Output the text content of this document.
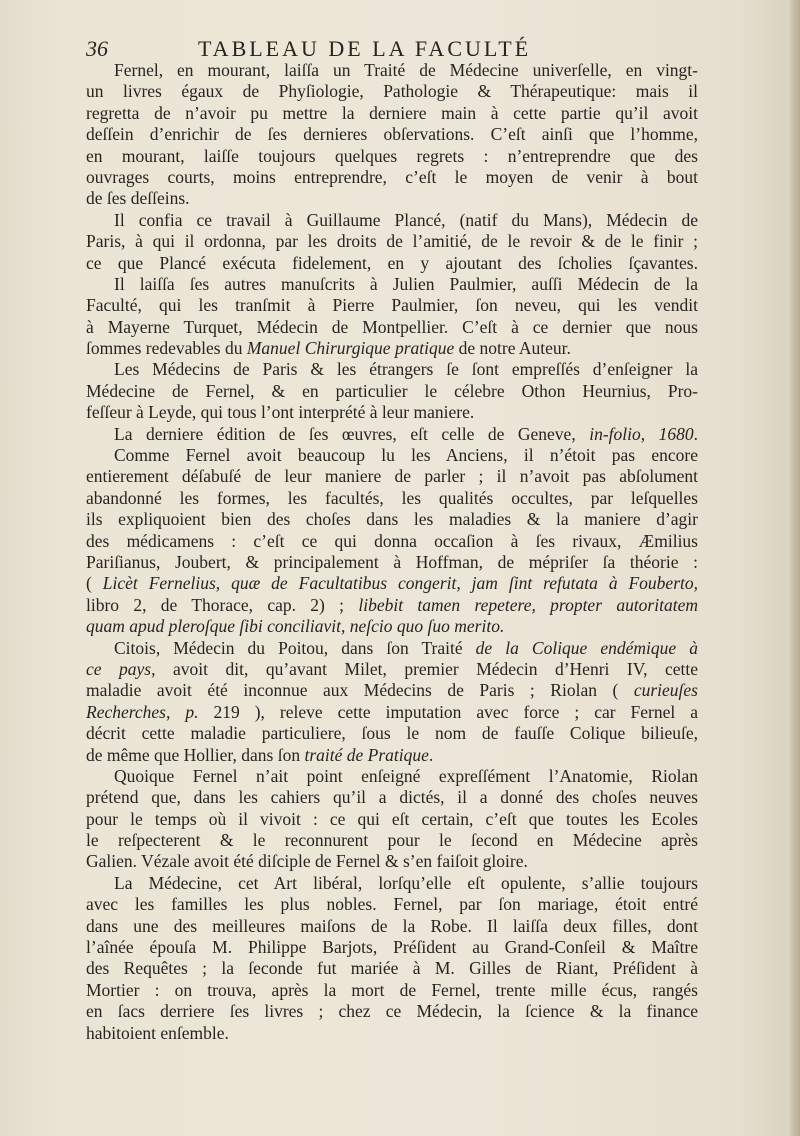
36	TABLEAU DE LA FACULTÉ
Fernel, en mourant, laiſſa un Traité de Médecine univerſelle, en vingt-
un livres égaux de Phyſiologie, Pathologie & Thérapeutique: mais il
regretta de n’avoir pu mettre la derniere main à cette partie qu’il avoit
deſſein d’enrichir de ſes dernieres obſervations. C’eſt ainſi que l’homme,
en mourant, laiſſe toujours quelques regrets : n’entreprendre que des
ouvrages courts, moins entreprendre, c’eſt le moyen de venir à bout
de ſes deſſeins.
Il confia ce travail à Guillaume Plancé, (natif du Mans), Médecin de
Paris, à qui il ordonna, par les droits de l’amitié, de le revoir & de le finir ;
ce que Plancé exécuta fidelement, en y ajoutant des ſcholies ſçavantes.
Il laiſſa ſes autres manuſcrits à Julien Paulmier, auſſi Médecin de la
Faculté, qui les tranſmit à Pierre Paulmier, ſon neveu, qui les vendit
à Mayerne Turquet, Médecin de Montpellier. C’eſt à ce dernier que nous
ſommes redevables du Manuel Chirurgique pratique de notre Auteur.
Les Médecins de Paris & les étrangers ſe ſont empreſſés d’enſeigner la
Médecine de Fernel, & en particulier le célebre Othon Heurnius, Pro-
feſſeur à Leyde, qui tous l’ont interprété à leur maniere.
La derniere édition de ſes œuvres, eſt celle de Geneve, in-folio, 1680.
Comme Fernel avoit beaucoup lu les Anciens, il n’étoit pas encore
entierement déſabuſé de leur maniere de parler ; il n’avoit pas abſolument
abandonné les formes, les facultés, les qualités occultes, par leſquelles
ils expliquoient bien des choſes dans les maladies & la maniere d’agir
des médicamens : c’eſt ce qui donna occaſion à ſes rivaux, Æmilius
Pariſianus, Joubert, & principalement à Hoffman, de mépriſer ſa théorie :
( Licèt Fernelius, quæ de Facultatibus congerit, jam ſint refutata à Fouberto,
libro 2, de Thorace, cap. 2) ; libebit tamen repetere, propter autoritatem
quam apud pleroſque ſibi conciliavit, neſcio quo ſuo merito.
Citois, Médecin du Poitou, dans ſon Traité de la Colique endémique à
ce pays, avoit dit, qu’avant Milet, premier Médecin d’Henri IV, cette
maladie avoit été inconnue aux Médecins de Paris ; Riolan ( curieuſes
Recherches, p. 219 ), releve cette imputation avec force ; car Fernel a
décrit cette maladie particuliere, ſous le nom de fauſſe Colique bilieuſe,
de même que Hollier, dans ſon traité de Pratique.
Quoique Fernel n’ait point enſeigné expreſſément l’Anatomie, Riolan
prétend que, dans les cahiers qu’il a dictés, il a donné des choſes neuves
pour le temps où il vivoit : ce qui eſt certain, c’eſt que toutes les Ecoles
le reſpecterent & le reconnurent pour le ſecond en Médecine après
Galien. Vézale avoit été diſciple de Fernel & s’en faiſoit gloire.
La Médecine, cet Art libéral, lorſqu’elle eſt opulente, s’allie toujours
avec les familles les plus nobles. Fernel, par ſon mariage, étoit entré
dans une des meilleures maiſons de la Robe. Il laiſſa deux filles, dont
l’aînée épouſa M. Philippe Barjots, Préſident au Grand-Conſeil & Maître
des Requêtes ; la ſeconde fut mariée à M. Gilles de Riant, Préſident à
Mortier : on trouva, après la mort de Fernel, trente mille écus, rangés
en ſacs derriere ſes livres ; chez ce Médecin, la ſcience & la finance
habitoient enſemble.
